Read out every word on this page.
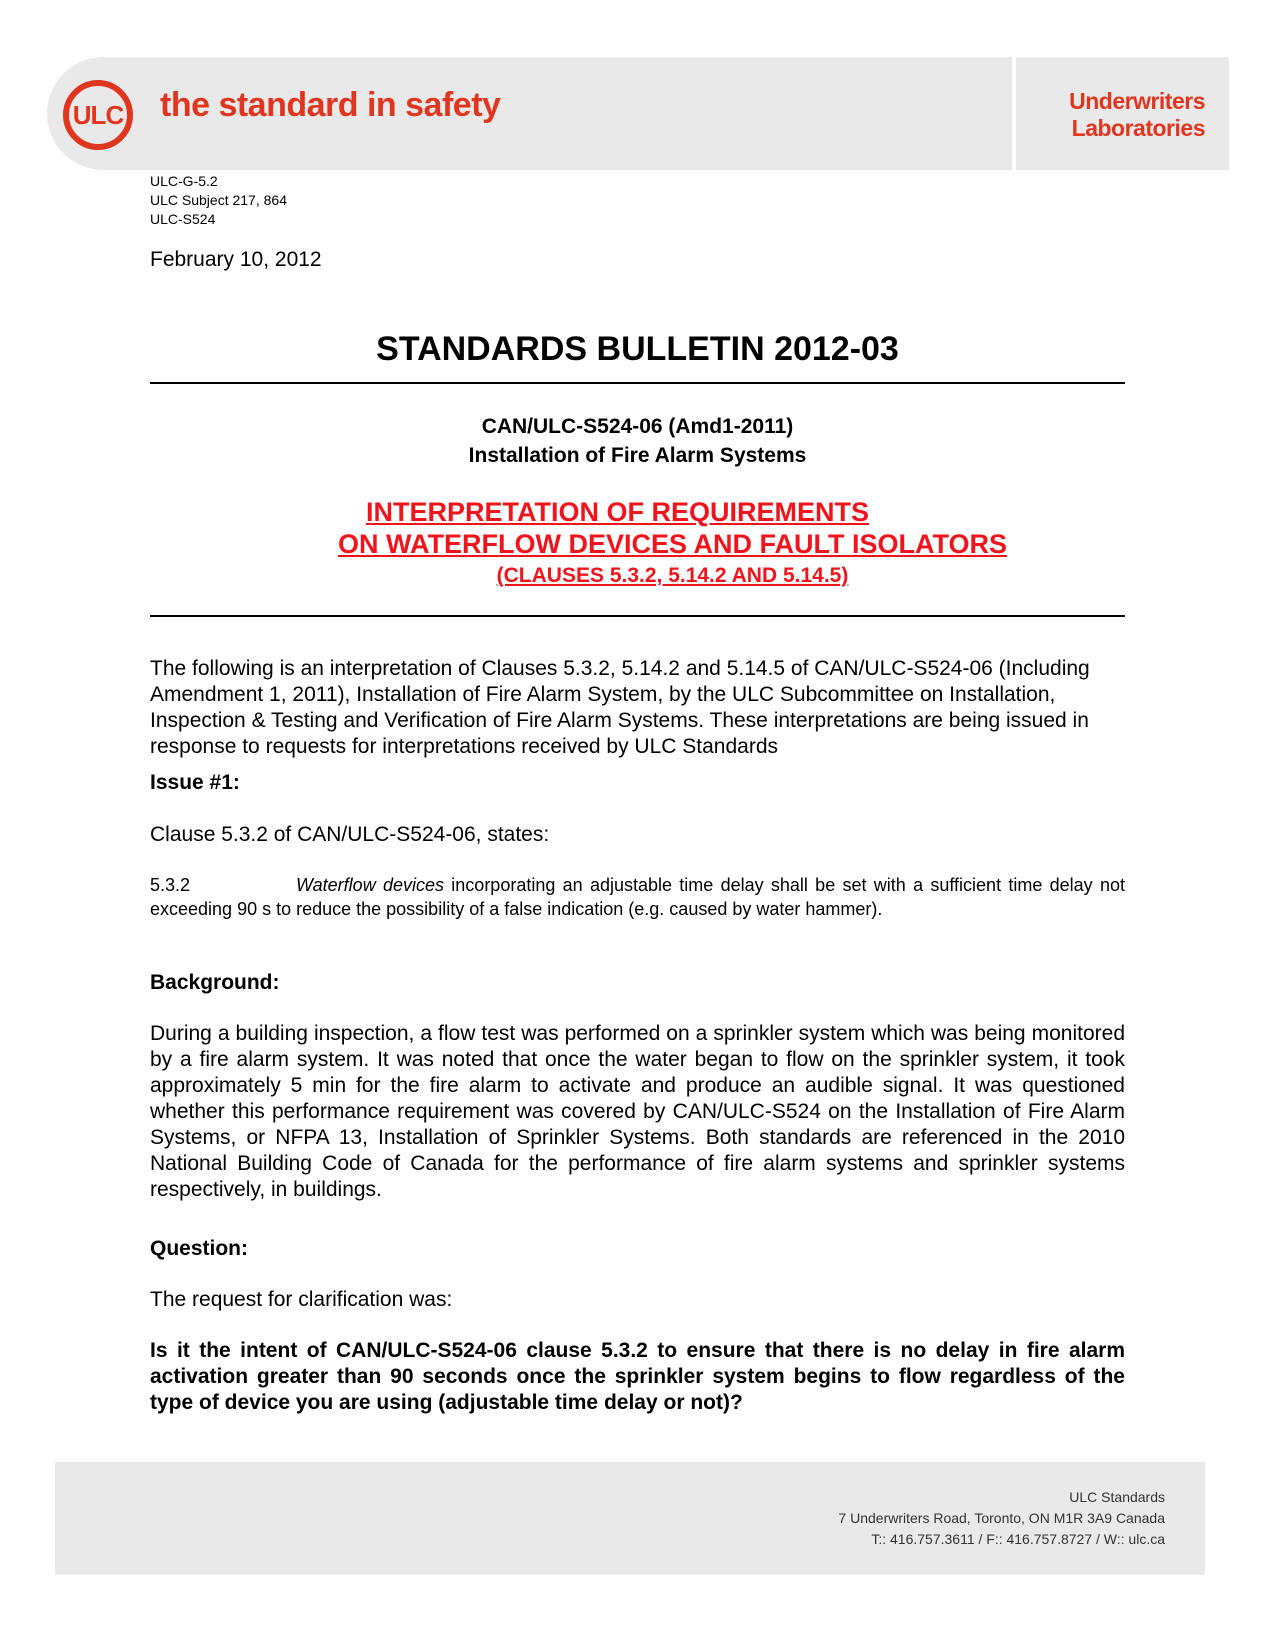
ULC the standard in safety	Underwriters
Laboratories
ULC-G-5.2
ULC Subject 217, 864
ULC-S524
February 10, 2012
STANDARDS BULLETIN 2012-03
CAN/ULC-S524-06 (Amd1-2011)
Installation of Fire Alarm Systems
INTERPRETATION OF REQUIREMENTS
ON WATERFLOW DEVICES AND FAULT ISOLATORS
(CLAUSES 5.3.2, 5.14.2 AND 5.14.5)
The following is an interpretation of Clauses 5.3.2, 5.14.2 and 5.14.5 of CAN/ULC-S524-06 (Including Amendment 1, 2011), Installation of Fire Alarm System, by the ULC Subcommittee on Installation, Inspection & Testing and Verification of Fire Alarm Systems. These interpretations are being issued in response to requests for interpretations received by ULC Standards
Issue #1:
Clause 5.3.2 of CAN/ULC-S524-06, states:
5.3.2	Waterflow devices incorporating an adjustable time delay shall be set with a sufficient time delay not exceeding 90 s to reduce the possibility of a false indication (e.g. caused by water hammer).
Background:
During a building inspection, a flow test was performed on a sprinkler system which was being monitored by a fire alarm system. It was noted that once the water began to flow on the sprinkler system, it took approximately 5 min for the fire alarm to activate and produce an audible signal. It was questioned whether this performance requirement was covered by CAN/ULC-S524 on the Installation of Fire Alarm Systems, or NFPA 13, Installation of Sprinkler Systems. Both standards are referenced in the 2010 National Building Code of Canada for the performance of fire alarm systems and sprinkler systems respectively, in buildings.
Question:
The request for clarification was:
Is it the intent of CAN/ULC-S524-06 clause 5.3.2 to ensure that there is no delay in fire alarm activation greater than 90 seconds once the sprinkler system begins to flow regardless of the type of device you are using (adjustable time delay or not)?
ULC Standards
7 Underwriters Road, Toronto, ON M1R 3A9 Canada
T:: 416.757.3611 / F:: 416.757.8727 / W:: ulc.ca
